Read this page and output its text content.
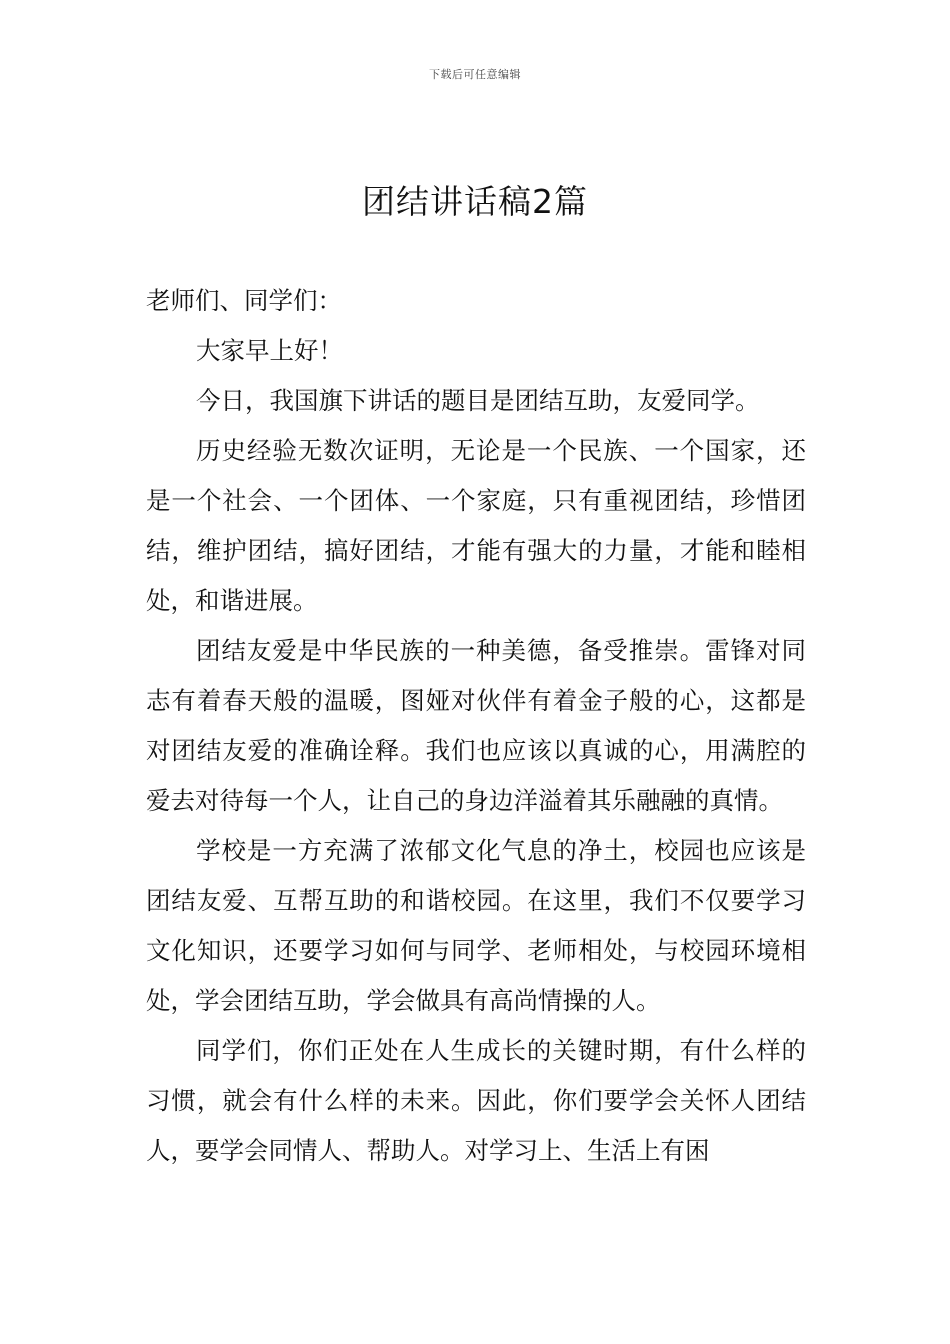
下载后可任意编辑
团结讲话稿2篇

老师们、同学们：

大家早上好！

今日，我国旗下讲话的题目是团结互助，友爱同学。

历史经验无数次证明，无论是一个民族、一个国家，还是一个社会、一个团体、一个家庭，只有重视团结，珍惜团结，维护团结，搞好团结，才能有强大的力量，才能和睦相处，和谐进展。

团结友爱是中华民族的一种美德，备受推崇。雷锋对同志有着春天般的温暖，图娅对伙伴有着金子般的心，这都是对团结友爱的准确诠释。我们也应该以真诚的心，用满腔的爱去对待每一个人，让自己的身边洋溢着其乐融融的真情。

学校是一方充满了浓郁文化气息的净土，校园也应该是团结友爱、互帮互助的和谐校园。在这里，我们不仅要学习文化知识，还要学习如何与同学、老师相处，与校园环境相处，学会团结互助，学会做具有高尚情操的人。

同学们，你们正处在人生成长的关键时期，有什么样的习惯，就会有什么样的未来。因此，你们要学会关怀人团结人，要学会同情人、帮助人。对学习上、生活上有困
